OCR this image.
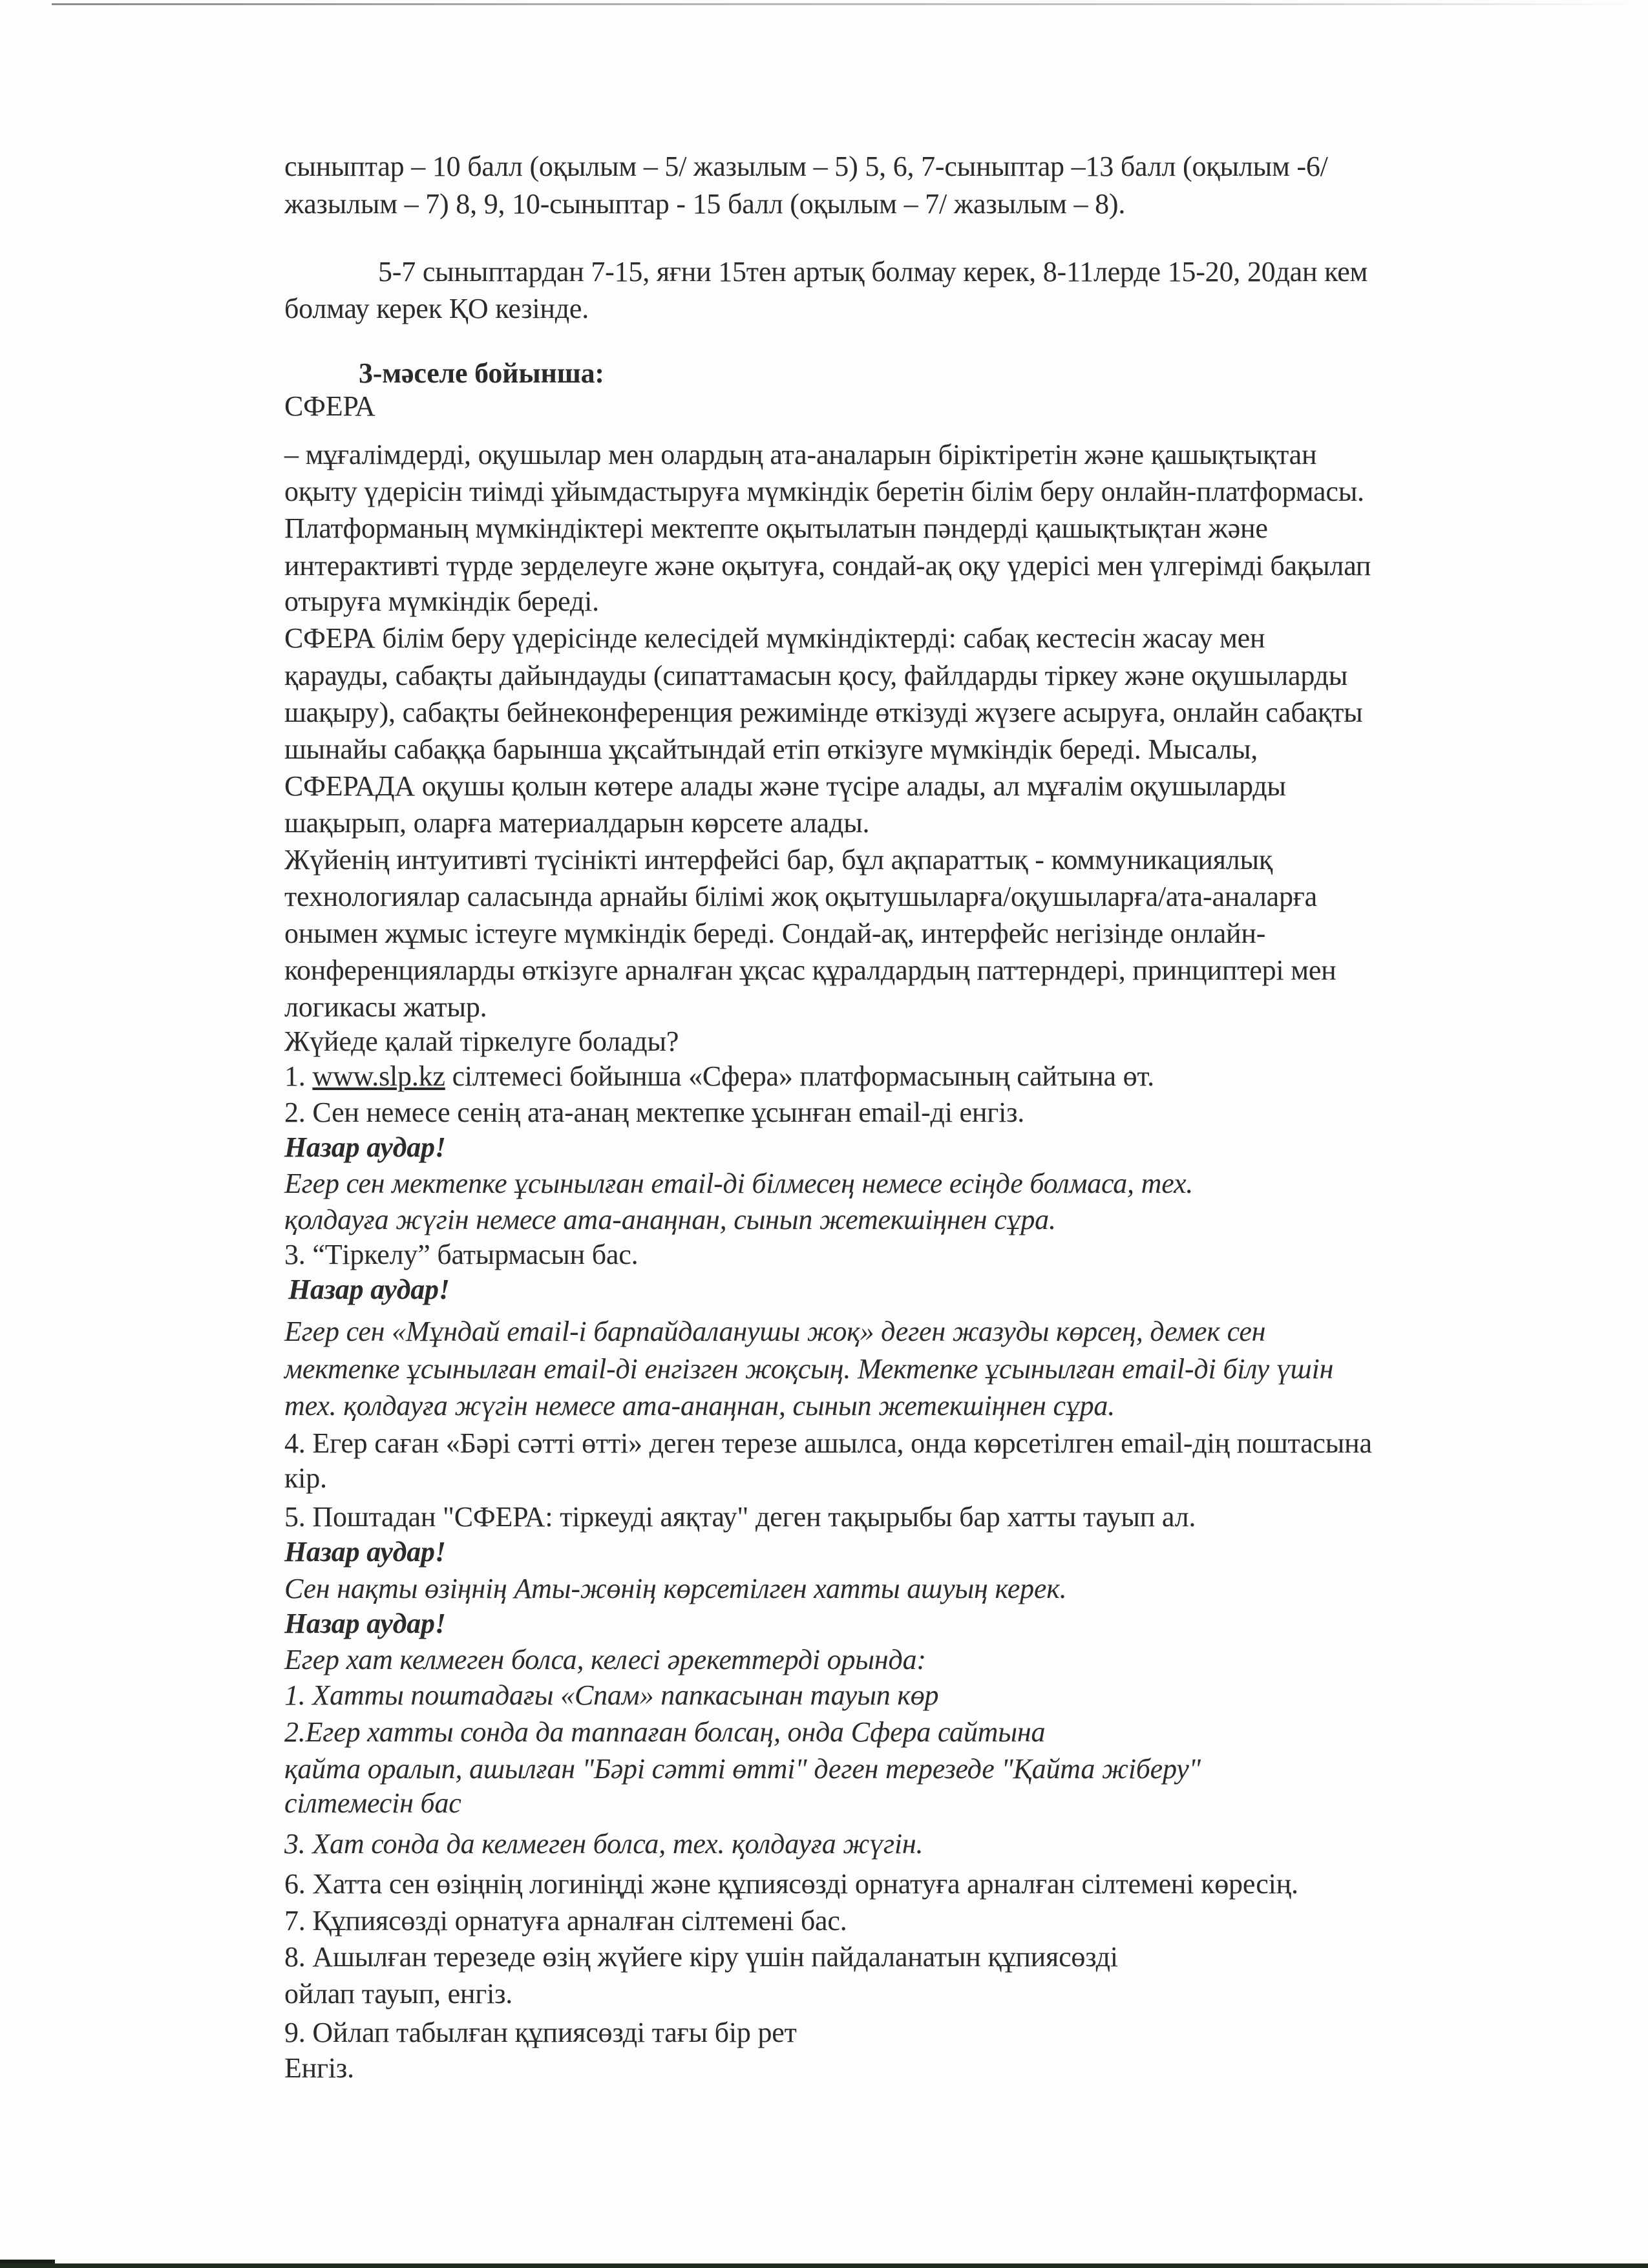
сыныптар – 10 балл (оқылым – 5/ жазылым – 5) 5, 6, 7-сыныптар –13 балл (оқылым -6/
жазылым – 7) 8, 9, 10-сыныптар - 15 балл (оқылым – 7/ жазылым – 8).
5-7 сыныптардан 7-15, яғни 15тен артық болмау керек, 8-11лерде 15-20, 20дан кем
болмау керек ҚО кезінде.
3-мәселе бойынша:
СФЕРА
– мұғалімдерді, оқушылар мен олардың ата-аналарын біріктіретін және қашықтықтан
оқыту үдерісін тиімді ұйымдастыруға мүмкіндік беретін білім беру онлайн-платформасы.
Платформаның мүмкіндіктері мектепте оқытылатын пәндерді қашықтықтан және
интерактивті түрде зерделеуге және оқытуға, сондай-ақ оқу үдерісі мен үлгерімді бақылап
отыруға мүмкіндік береді.
СФЕРА білім беру үдерісінде келесідей мүмкіндіктерді: сабақ кестесін жасау мен
қарауды, сабақты дайындауды (сипаттамасын қосу, файлдарды тіркеу және оқушыларды
шақыру), сабақты бейнеконференция режимінде өткізуді жүзеге асыруға, онлайн сабақты
шынайы сабаққа барынша ұқсайтындай етіп өткізуге мүмкіндік береді. Мысалы,
СФЕРАДА оқушы қолын көтере алады және түсіре алады, ал мұғалім оқушыларды
шақырып, оларға материалдарын көрсете алады.
Жүйенің интуитивті түсінікті интерфейсі бар, бұл ақпараттық - коммуникациялық
технологиялар саласында арнайы білімі жоқ оқытушыларға/оқушыларға/ата-аналарға
онымен жұмыс істеуге мүмкіндік береді. Сондай-ақ, интерфейс негізінде онлайн-
конференцияларды өткізуге арналған ұқсас құралдардың паттерндері, принциптері мен
логикасы жатыр.
Жүйеде қалай тіркелуге болады?
1. www.slp.kz сілтемесі бойынша «Сфера» платформасының сайтына өт.
2. Сен немесе сенің ата-анаң мектепке ұсынған email-ді енгіз.
Назар аудар!
Егер сен мектепке ұсынылған email-ді білмесең немесе есіңде болмаса, тех.
қолдауға жүгін немесе ата-анаңнан, сынып жетекшіңнен сұра.
3. “Тіркелу” батырмасын бас.
Назар аудар!
Егер сен «Мұндай email-і барпайдаланушы жоқ» деген жазуды көрсең, демек сен
мектепке ұсынылған email-ді енгізген жоқсың. Мектепке ұсынылған email-ді білу үшін
тех. қолдауға жүгін немесе ата-анаңнан, сынып жетекшіңнен сұра.
4. Егер саған «Бәрі сәтті өтті» деген терезе ашылса, онда көрсетілген email-дің поштасына
кір.
5. Поштадан "СФЕРА: тіркеуді аяқтау" деген тақырыбы бар хатты тауып ал.
Назар аудар!
Сен нақты өзіңнің Аты-жөнің көрсетілген хатты ашуың керек.
Назар аудар!
Егер хат келмеген болса, келесі әрекеттерді орында:
1. Хатты поштадағы «Спам» папкасынан тауып көр
2.Егер хатты сонда да таппаған болсаң, онда Сфера сайтына
қайта оралып, ашылған "Бәрі сәтті өтті" деген терезеде "Қайта жіберу"
сілтемесін бас
3. Хат сонда да келмеген болса, тех. қолдауға жүгін.
6. Хатта сен өзіңнің логиніңді және құпиясөзді орнатуға арналған сілтемені көресің.
7. Құпиясөзді орнатуға арналған сілтемені бас.
8. Ашылған терезеде өзің жүйеге кіру үшін пайдаланатын құпиясөзді
ойлап тауып, енгіз.
9. Ойлап табылған құпиясөзді тағы бір рет
Енгіз.
